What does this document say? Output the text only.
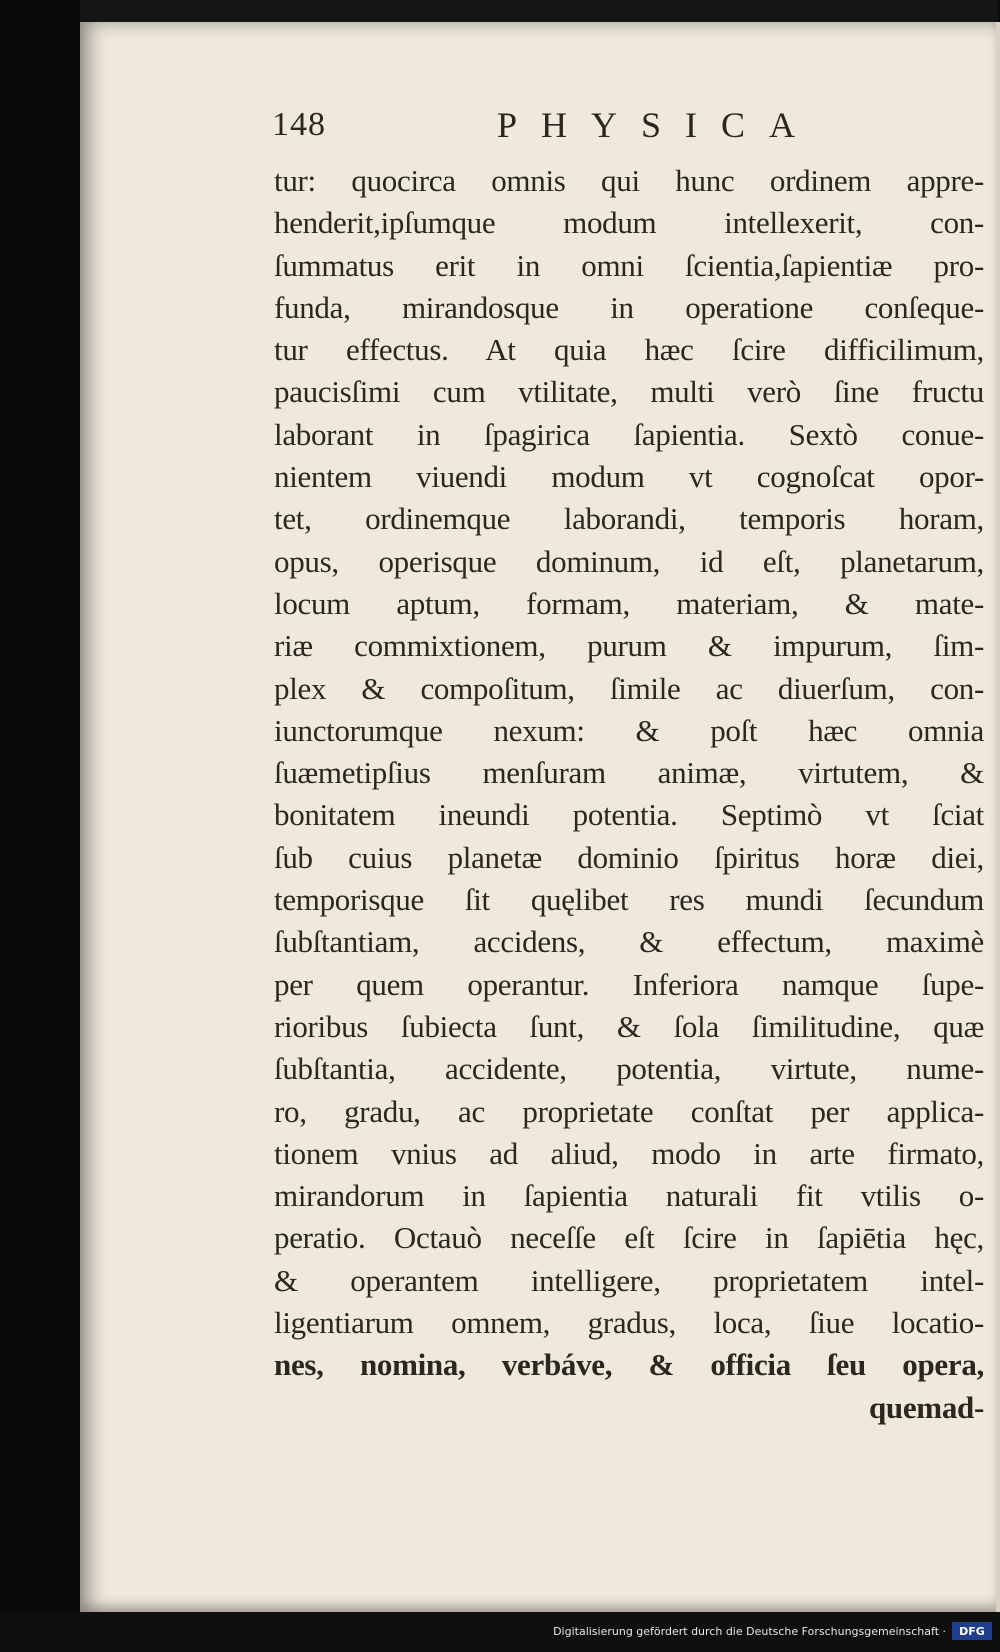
148	PHYSICA
tur: quocirca omnis qui hunc ordinem appre-
henderit,ipſumque modum intellexerit, con-
ſummatus erit in omni ſcientia,ſapientiæ pro-
funda, mirandosque in operatione conſeque-
tur effectus. At quia hæc ſcire difficilimum,
paucisſimi cum vtilitate, multi verò ſine fructu
laborant in ſpagirica ſapientia. Sextò conue-
nientem viuendi modum vt cognoſcat opor-
tet, ordinemque laborandi, temporis horam,
opus, operisque dominum, id eſt, planetarum,
locum aptum, formam, materiam, & mate-
riæ commixtionem, purum & impurum, ſim-
plex & compoſitum, ſimile ac diuerſum, con-
iunctorumque nexum: & poſt hæc omnia
ſuæmetipſius menſuram animæ, virtutem, &
bonitatem ineundi potentia. Septimò vt ſciat
ſub cuius planetæ dominio ſpiritus horæ diei,
temporisque ſit quęlibet res mundi ſecundum
ſubſtantiam, accidens, & effectum, maximè
per quem operantur. Inferiora namque ſupe-
rioribus ſubiecta ſunt, & ſola ſimilitudine, quæ
ſubſtantia, accidente, potentia, virtute, nume-
ro, gradu, ac proprietate conſtat per applica-
tionem vnius ad aliud, modo in arte firmato,
mirandorum in ſapientia naturali fit vtilis o-
peratio. Octauò neceſſe eſt ſcire in ſapiētia hęc,
& operantem intelligere, proprietatem intel-
ligentiarum omnem, gradus, loca, ſiue locatio-
nes, nomina, verbáve, & officia ſeu opera,
quemad-
Digitalisierung gefördert durch die Deutsche Forschungsgemeinschaft ·	DFG
